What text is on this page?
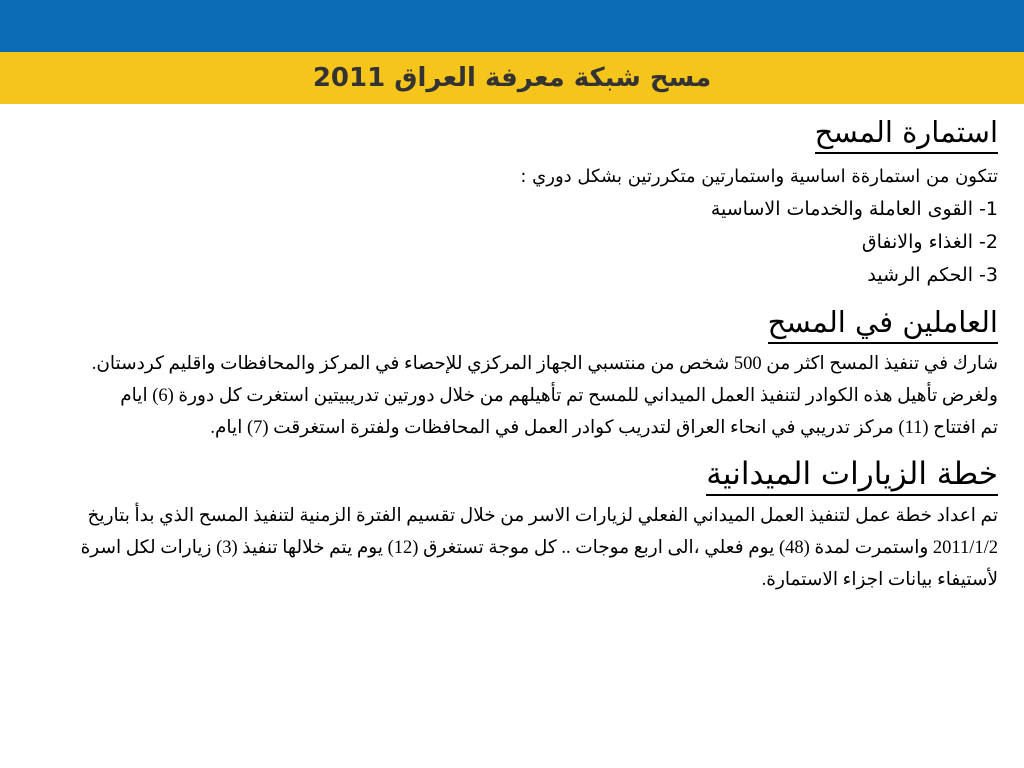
مسح شبكة معرفة العراق 2011
استمارة المسح

تتكون من استمارةة اساسية واستمارتين متكررتين بشكل دوري :

1- القوى العاملة والخدمات الاساسية

2- الغذاء والانفاق

3- الحكم الرشيد

العاملين في المسح

شارك في تنفيذ المسح اكثر من 500 شخص من منتسبي الجهاز المركزي للإحصاء في المركز والمحافظات واقليم كردستان.

ولغرض تأهيل هذه الكوادر لتنفيذ العمل الميداني للمسح تم تأهيلهم من خلال دورتين تدريبيتين استغرت كل دورة (6) ايام

تم افتتاح (11) مركز تدريبي في انحاء العراق لتدريب كوادر العمل في المحافظات ولفترة استغرقت (7) ايام.

خطة الزيارات الميدانية

تم اعداد خطة عمل لتنفيذ العمل الميداني الفعلي لزيارات الاسر من خلال تقسيم الفترة الزمنية لتنفيذ المسح الذي بدأ بتاريخ 2011/1/2 واستمرت لمدة (48) يوم فعلي ،الى اربع موجات .. كل موجة تستغرق (12) يوم يتم خلالها تنفيذ (3) زيارات لكل اسرة لأستيفاء بيانات اجزاء الاستمارة.
